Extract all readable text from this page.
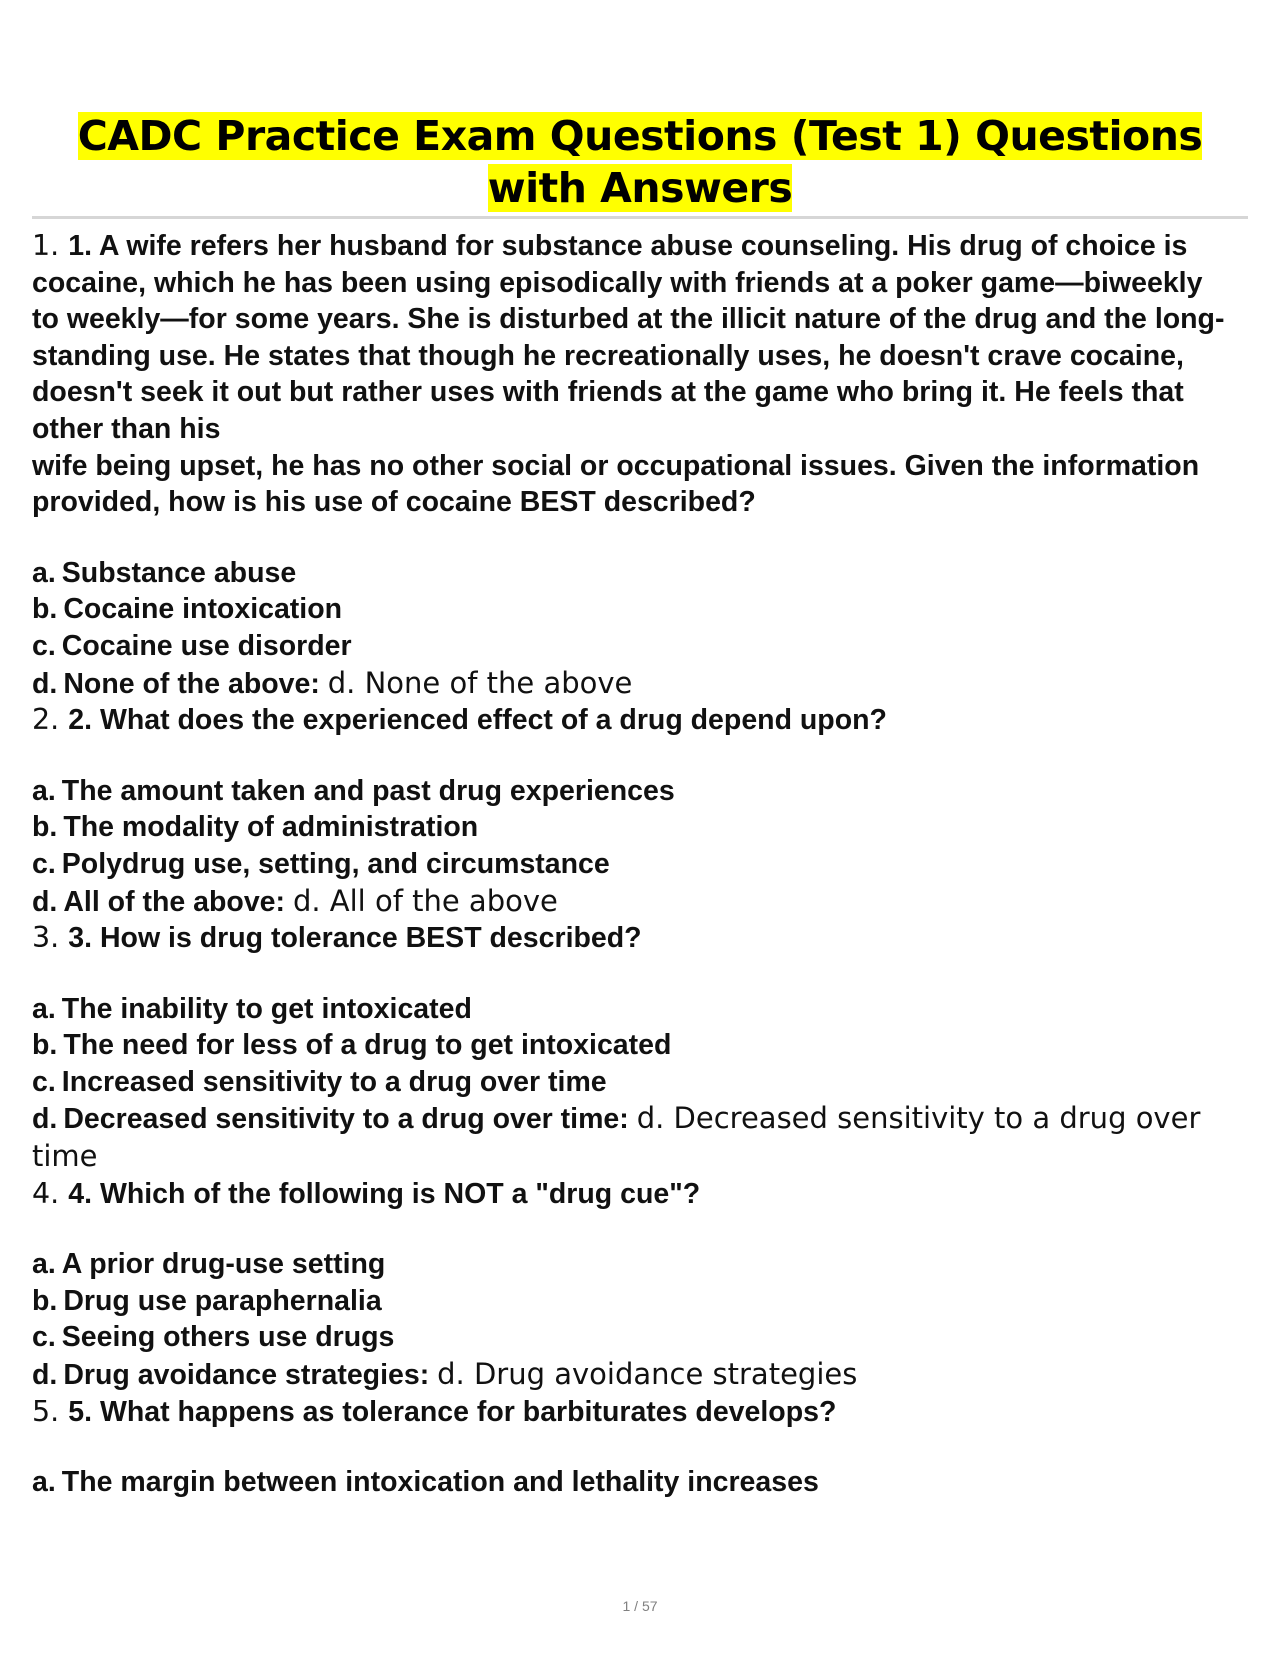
CADC Practice Exam Questions (Test 1) Questions with Answers

1. 1. A wife refers her husband for substance abuse counseling. His drug of choice is cocaine, which he has been using episodically with friends at a poker game—biweekly to weekly—for some years. She is disturbed at the illicit nature of the drug and the long-standing use. He states that though he recreationally uses, he doesn't crave cocaine, doesn't seek it out but rather uses with friends at the game who bring it. He feels that other than his
wife being upset, he has no other social or occupational issues. Given the information provided, how is his use of cocaine BEST described?

a. Substance abuse

b. Cocaine intoxication

c. Cocaine use disorder

d. None of the above: d. None of the above

2. 2. What does the experienced effect of a drug depend upon?

a. The amount taken and past drug experiences

b. The modality of administration

c. Polydrug use, setting, and circumstance

d. All of the above: d. All of the above

3. 3. How is drug tolerance BEST described?

a. The inability to get intoxicated

b. The need for less of a drug to get intoxicated

c. Increased sensitivity to a drug over time

d. Decreased sensitivity to a drug over time: d. Decreased sensitivity to a drug over time

4. 4. Which of the following is NOT a "drug cue"?

a. A prior drug-use setting

b. Drug use paraphernalia

c. Seeing others use drugs

d. Drug avoidance strategies: d. Drug avoidance strategies

5. 5. What happens as tolerance for barbiturates develops?

a. The margin between intoxication and lethality increases

1 / 57
